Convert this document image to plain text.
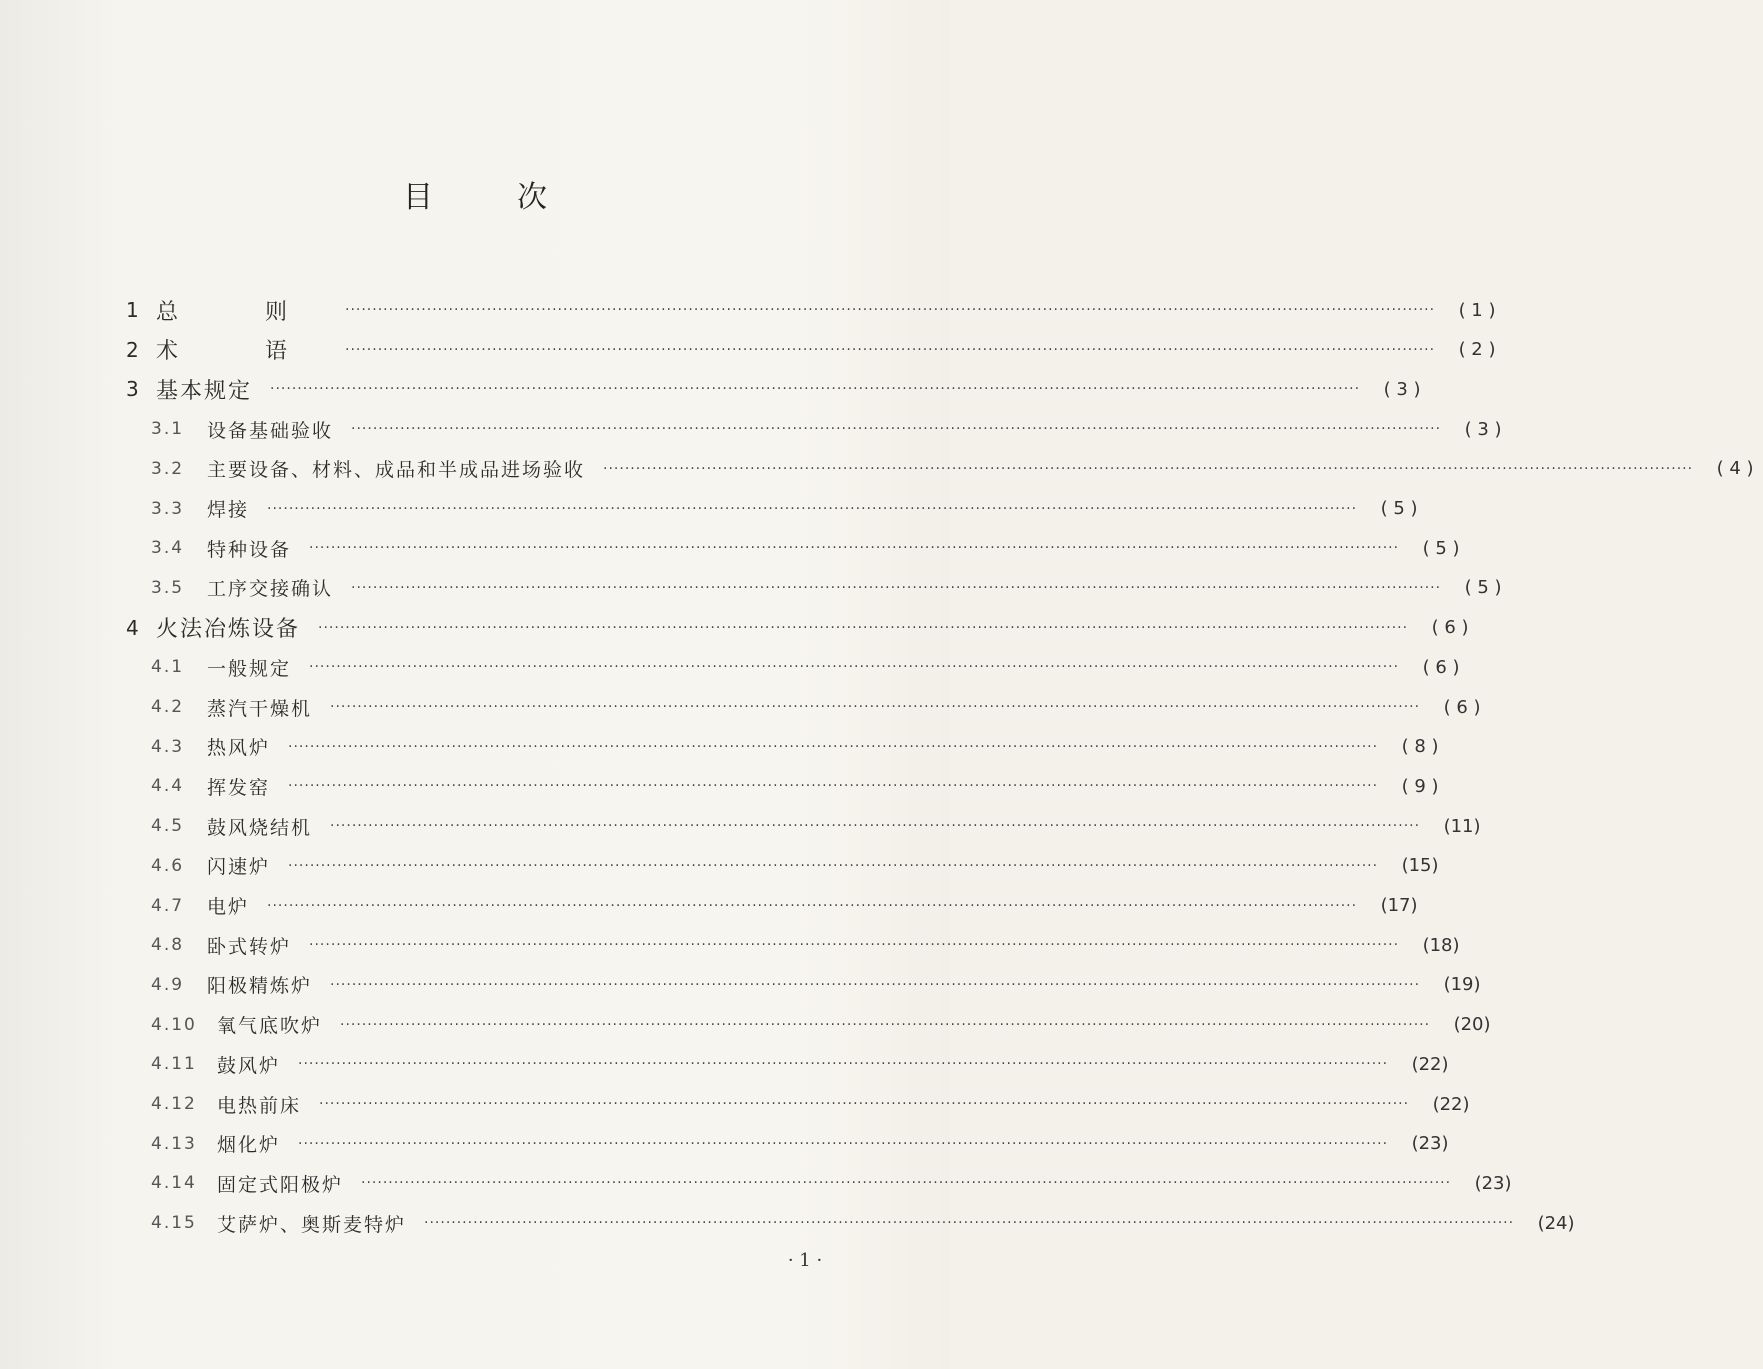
目	次
1 总 则 ········································································································································································································	( 1 )
2 术 语 ········································································································································································································	( 2 )
3 基本规定 ········································································································································································································	( 3 )
3.1	设备基础验收 ········································································································································································································	( 3 )
3.2	主要设备、材料、成品和半成品进场验收 ········································································································································································································	( 4 )
3.3	焊接 ········································································································································································································	( 5 )
3.4	特种设备 ········································································································································································································	( 5 )
3.5	工序交接确认 ········································································································································································································	( 5 )
4 火法冶炼设备 ········································································································································································································	( 6 )
4.1	一般规定 ········································································································································································································	( 6 )
4.2	蒸汽干燥机 ········································································································································································································	( 6 )
4.3	热风炉 ········································································································································································································	( 8 )
4.4	挥发窑 ········································································································································································································	( 9 )
4.5	鼓风烧结机 ········································································································································································································	(11)
4.6	闪速炉 ········································································································································································································	(15)
4.7	电炉 ········································································································································································································	(17)
4.8	卧式转炉 ········································································································································································································	(18)
4.9	阳极精炼炉 ········································································································································································································	(19)
4.10	氧气底吹炉 ········································································································································································································	(20)
4.11	鼓风炉 ········································································································································································································	(22)
4.12	电热前床 ········································································································································································································	(22)
4.13	烟化炉 ········································································································································································································	(23)
4.14	固定式阳极炉 ········································································································································································································	(23)
4.15	艾萨炉、奥斯麦特炉 ········································································································································································································	(24)
· 1 ·
